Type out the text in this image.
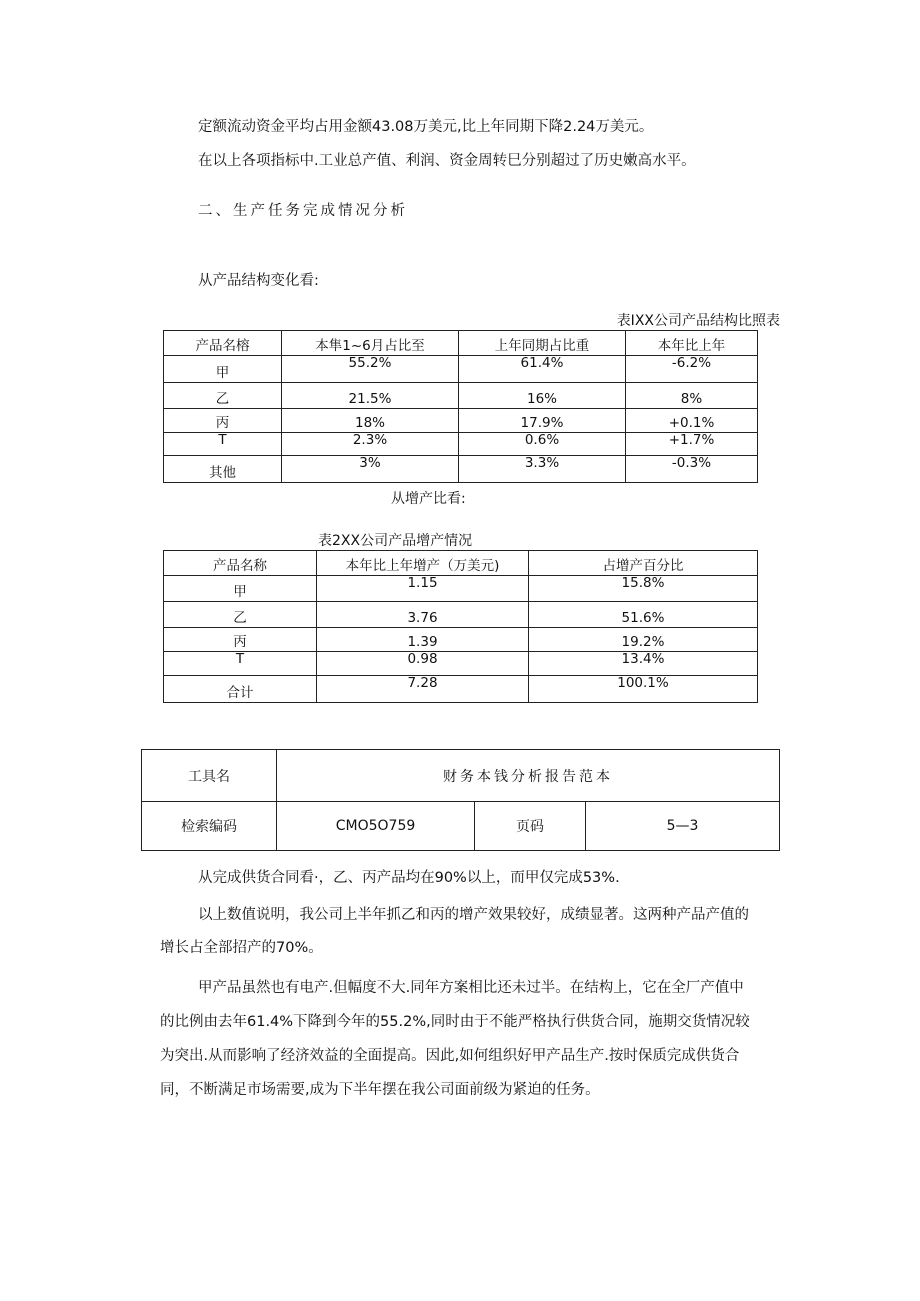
定额流动资金平均占用金额43.08万美元,比上年同期下降2.24万美元。

在以上各项指标中.工业总产值、利润、资金周转巳分别超过了历史嫩高水平。

二、生产任务完成情况分析

从产品结构变化看:

表IXX公司产品结构比照表

产品名榕	本隼1~6月占比至	上年同期占比重	本年比上年
甲	55.2%	61.4%	-6.2%
乙	21.5%	16%	8%
丙	18%	17.9%	+0.1%
T	2.3%	0.6%	+1.7%
其他	3%	3.3%	-0.3%

从增产比看:

表2XX公司产品增产情况

产品名称	本年比上年增产（万美元)	占增产百分比
甲	1.15	15.8%
乙	3.76	51.6%
丙	1.39	19.2%
T	0.98	13.4%
合计	7.28	100.1%
工具名	财务本钱分析报告范本		
检索编码	CMO5O759	页码	5—3

从完成供货合同看·，乙、丙产品均在90%以上，而甲仅完成53%.

以上数值说明，我公司上半年抓乙和丙的增产效果较好，成绩显著。这两种产品产值的

增长占全部招产的70%。

甲产品虽然也有电产.但幅度不大.同年方案相比还未过半。在结构上，它在全厂产值中

的比例由去年61.4%下降到今年的55.2%,同时由于不能严格执行供货合同，施期交货情况较

为突出.从而影响了经济效益的全面提高。因此,如何组织好甲产品生产.按时保质完成供货合

同，不断满足市场需要,成为下半年摆在我公司面前级为紧迫的任务。
